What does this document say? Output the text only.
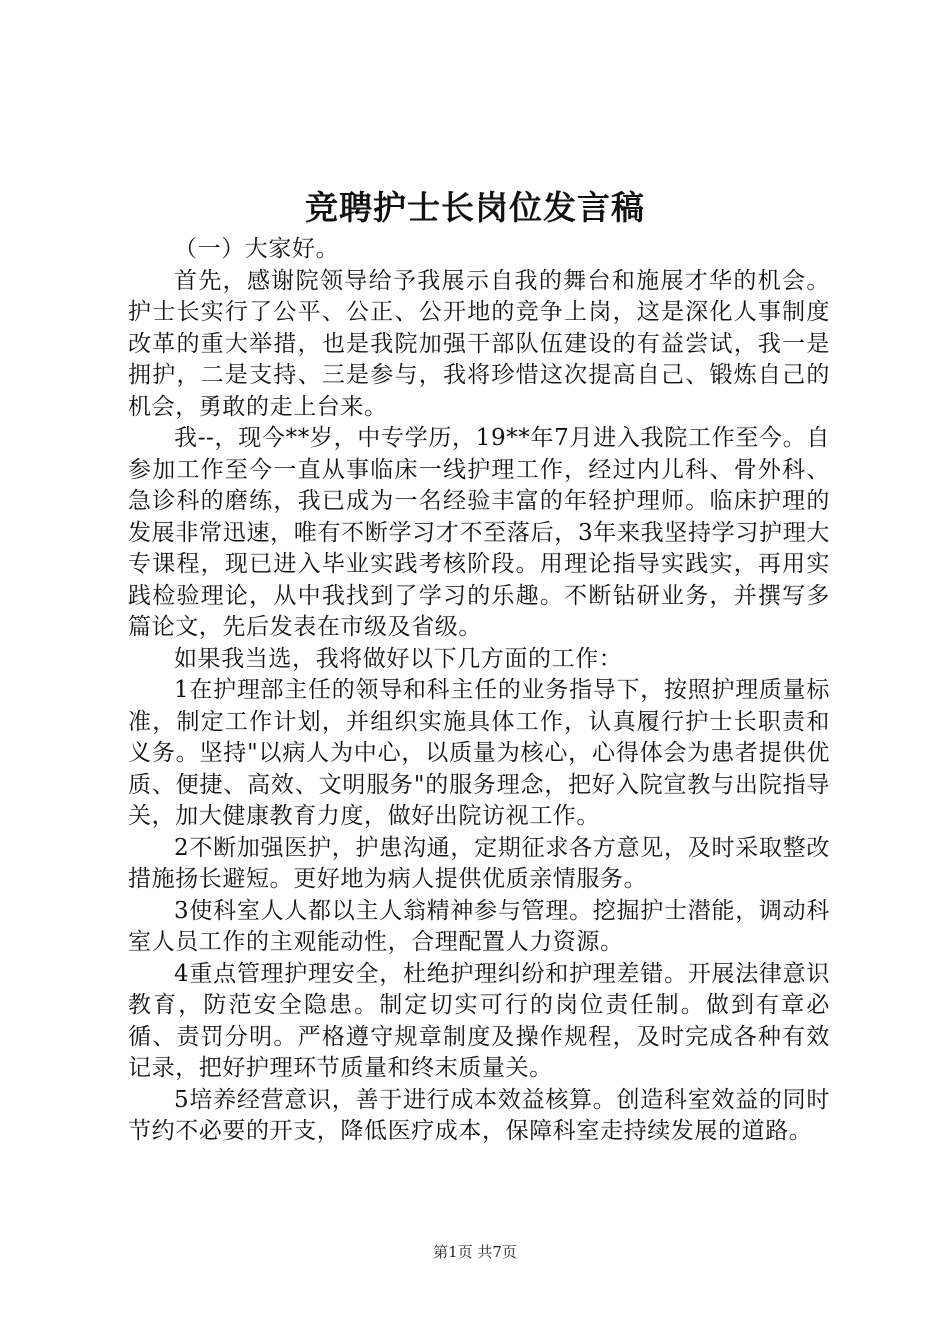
竞聘护士长岗位发言稿

（一）大家好。

首先，感谢院领导给予我展示自我的舞台和施展才华的机会。护士长实行了公平、公正、公开地的竞争上岗，这是深化人事制度改革的重大举措，也是我院加强干部队伍建设的有益尝试，我一是拥护，二是支持、三是参与，我将珍惜这次提高自己、锻炼自己的机会，勇敢的走上台来。

我--，现今**岁，中专学历，19**年7月进入我院工作至今。自参加工作至今一直从事临床一线护理工作，经过内儿科、骨外科、急诊科的磨练，我已成为一名经验丰富的年轻护理师。临床护理的发展非常迅速，唯有不断学习才不至落后，3年来我坚持学习护理大专课程，现已进入毕业实践考核阶段。用理论指导实践实，再用实践检验理论，从中我找到了学习的乐趣。不断钻研业务，并撰写多篇论文，先后发表在市级及省级。

如果我当选，我将做好以下几方面的工作：

1在护理部主任的领导和科主任的业务指导下，按照护理质量标准，制定工作计划，并组织实施具体工作，认真履行护士长职责和义务。坚持"以病人为中心，以质量为核心，心得体会为患者提供优质、便捷、高效、文明服务"的服务理念，把好入院宣教与出院指导关，加大健康教育力度，做好出院访视工作。

2不断加强医护，护患沟通，定期征求各方意见，及时采取整改措施扬长避短。更好地为病人提供优质亲情服务。

3使科室人人都以主人翁精神参与管理。挖掘护士潜能，调动科室人员工作的主观能动性，合理配置人力资源。

4重点管理护理安全，杜绝护理纠纷和护理差错。开展法律意识教育，防范安全隐患。制定切实可行的岗位责任制。做到有章必循、责罚分明。严格遵守规章制度及操作规程，及时完成各种有效记录，把好护理环节质量和终末质量关。

5培养经营意识，善于进行成本效益核算。创造科室效益的同时节约不必要的开支，降低医疗成本，保障科室走持续发展的道路。

第1页 共7页
